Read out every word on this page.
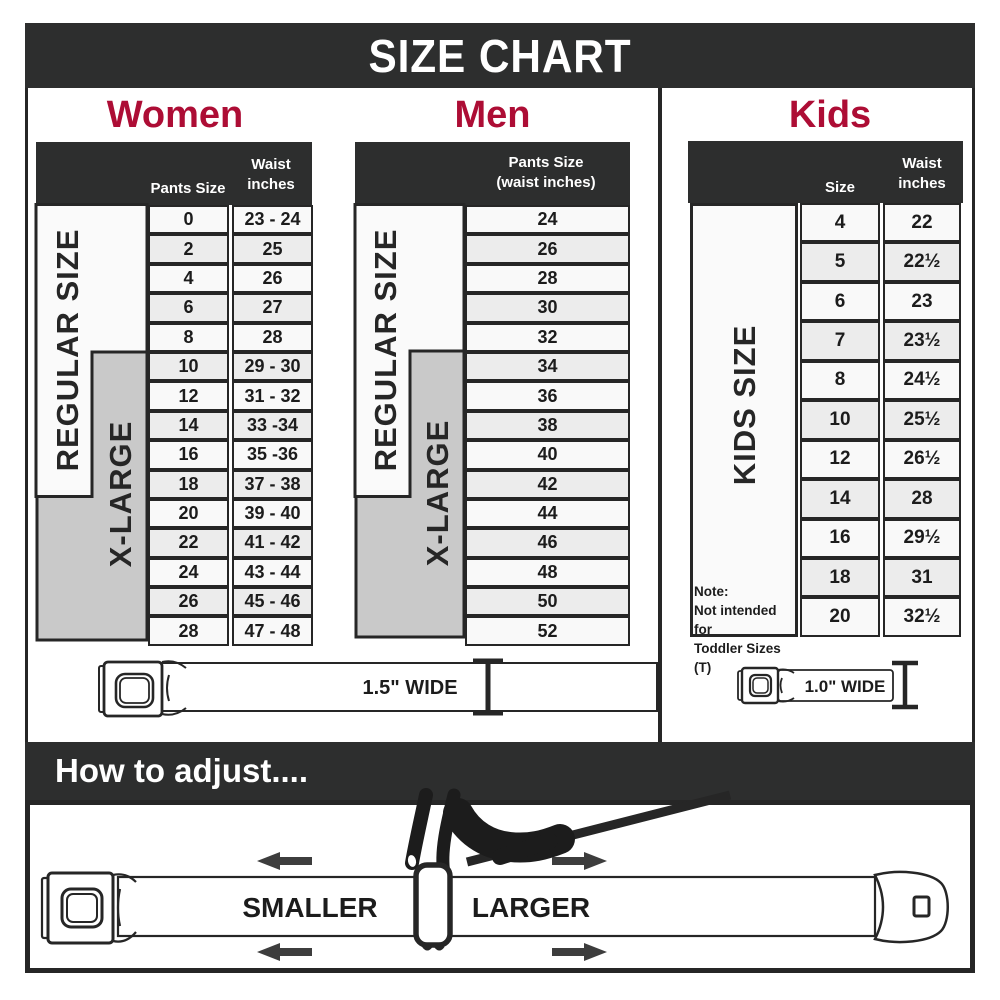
SIZE CHART
Women
Pants Size
Waist
inches
REGULAR SIZE
X-LARGE
0	23 - 24
2	25
4	26
6	27
8	28
10	29 - 30
12	31 - 32
14	33 -34
16	35 -36
18	37 - 38
20	39 - 40
22	41 - 42
24	43 - 44
26	45 - 46
28	47 - 48
Men
Pants Size
(waist inches)
REGULAR SIZE
X-LARGE
24
26
28
30
32
34
36
38
40
42
44
46
48
50
52
Kids
Size
Waist
inches
KIDS SIZE
Note:
Not intended for
Toddler Sizes (T)
4	22
5	22½
6	23
7	23½
8	24½
10	25½
12	26½
14	28
16	29½
18	31
20	32½
1.5" WIDE	1.0" WIDE
How to adjust....
SMALLER	LARGER
